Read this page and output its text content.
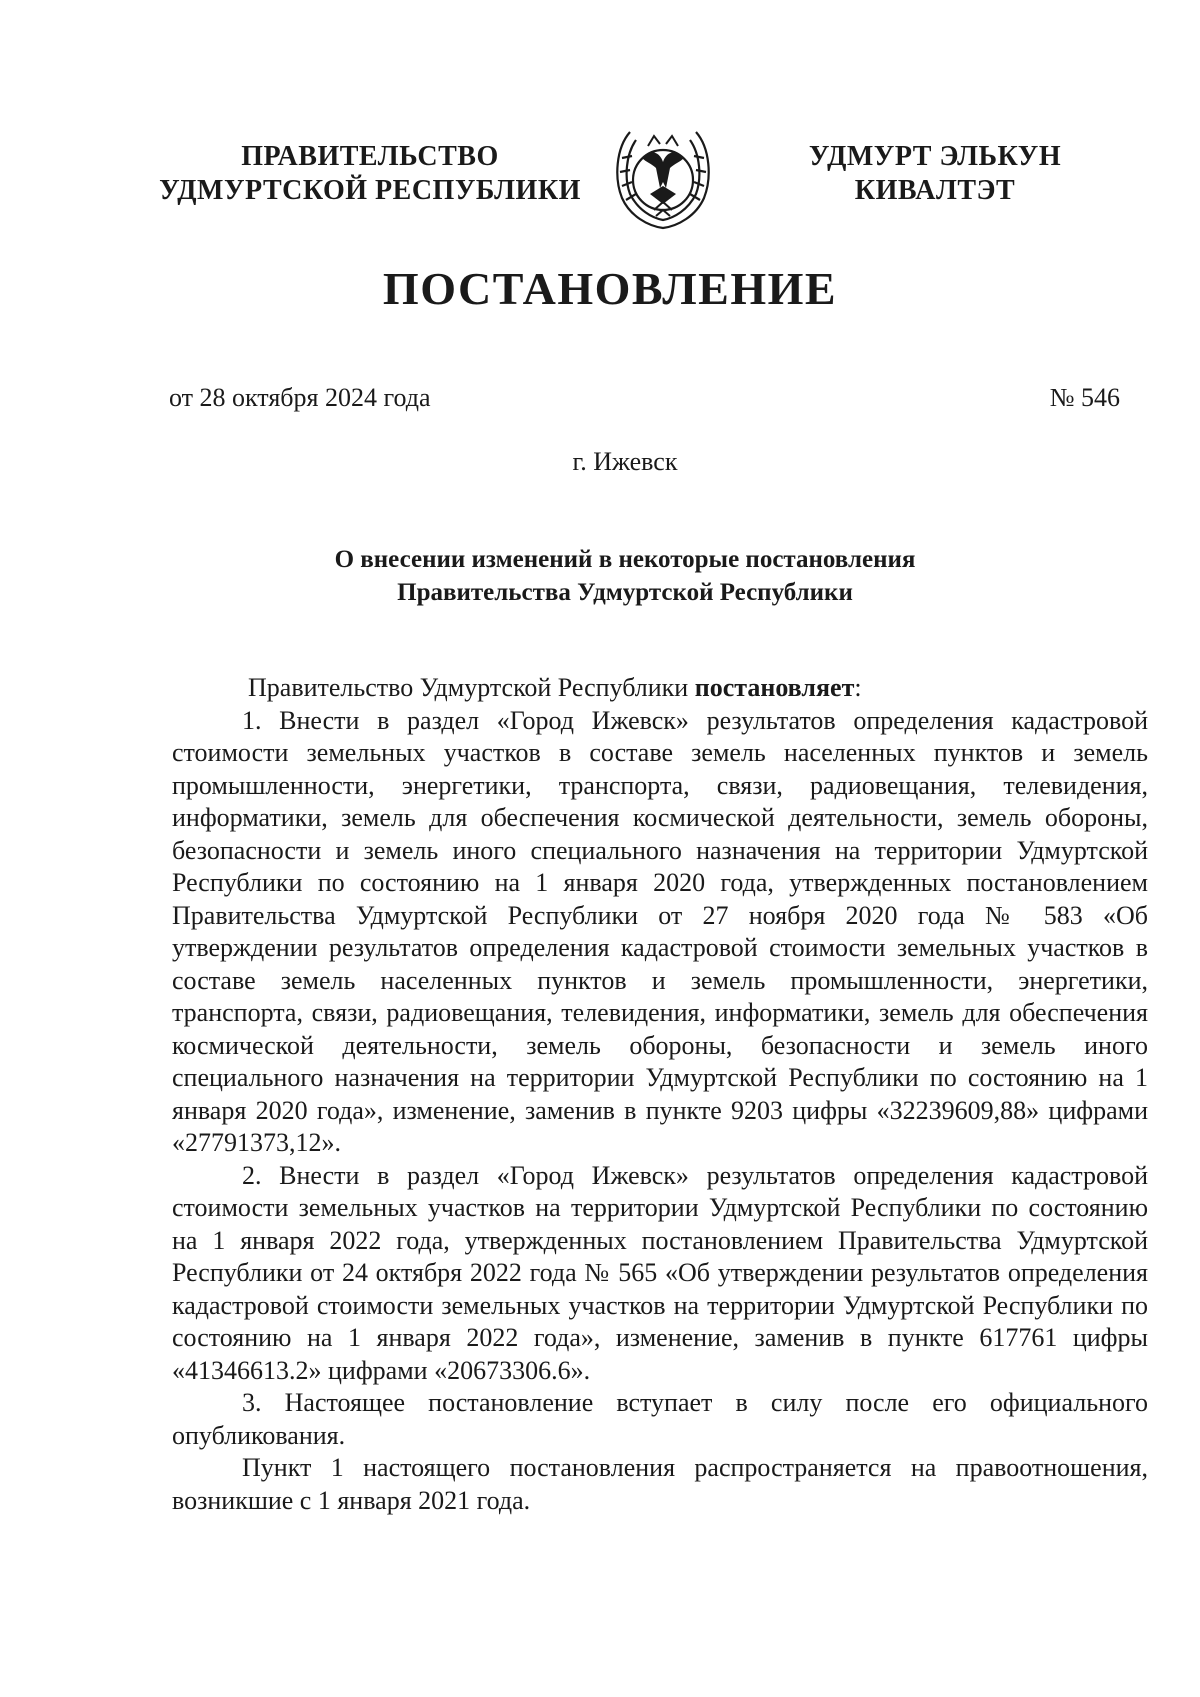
ПРАВИТЕЛЬСТВО
УДМУРТСКОЙ РЕСПУБЛИКИ
УДМУРТ ЭЛЬКУН
КИВАЛТЭТ
ПОСТАНОВЛЕНИЕ
от 28 октября 2024 года	№ 546
г. Ижевск
О внесении изменений в некоторые постановления
Правительства Удмуртской Республики

Правительство Удмуртской Республики постановляет:

1. Внести в раздел «Город Ижевск» результатов определения кадастровой стоимости земельных участков в составе земель населенных пунктов и земель промышленности, энергетики, транспорта, связи, радиовещания, телевидения, информатики, земель для обеспечения космической деятельности, земель обороны, безопасности и земель иного специального назначения на территории Удмуртской Республики по состоянию на 1 января 2020 года, утвержденных постановлением Правительства Удмуртской Республики от 27 ноября 2020 года № 583 «Об утверждении результатов определения кадастровой стоимости земельных участков в составе земель населенных пунктов и земель промышленности, энергетики, транспорта, связи, радиовещания, телевидения, информатики, земель для обеспечения космической деятельности, земель обороны, безопасности и земель иного специального назначения на территории Удмуртской Республики по состоянию на 1 января 2020 года», изменение, заменив в пункте 9203 цифры «32239609,88» цифрами «27791373,12».

2. Внести в раздел «Город Ижевск» результатов определения кадастровой стоимости земельных участков на территории Удмуртской Республики по состоянию на 1 января 2022 года, утвержденных постановлением Правительства Удмуртской Республики от 24 октября 2022 года № 565 «Об утверждении результатов определения кадастровой стоимости земельных участков на территории Удмуртской Республики по состоянию на 1 января 2022 года», изменение, заменив в пункте 617761 цифры «41346613.2» цифрами «20673306.6».

3. Настоящее постановление вступает в силу после его официального опубликования.

Пункт 1 настоящего постановления распространяется на правоотношения, возникшие с 1 января 2021 года.
